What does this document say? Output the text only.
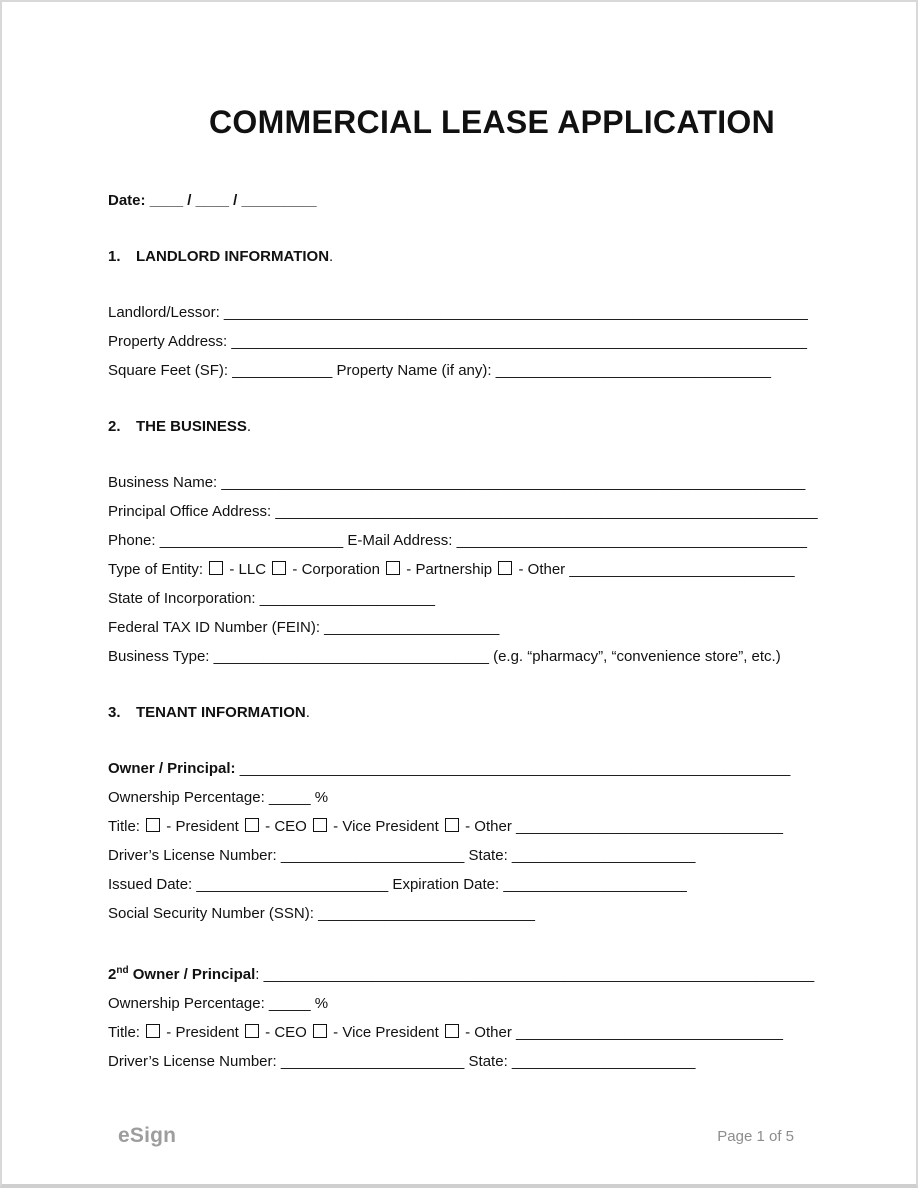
COMMERCIAL LEASE APPLICATION
Date: ____ / ____ / _________
1. LANDLORD INFORMATION.
Landlord/Lessor: ______________________________________________________________________
Property Address: _____________________________________________________________________
Square Feet (SF): ____________ Property Name (if any): _________________________________
2. THE BUSINESS.
Business Name: ______________________________________________________________________
Principal Office Address: _________________________________________________________________
Phone: ______________________ E-Mail Address: __________________________________________
Type of Entity:  - LLC  - Corporation  - Partnership  - Other ___________________________
State of Incorporation: _____________________
Federal TAX ID Number (FEIN): _____________________
Business Type: _________________________________ (e.g. “pharmacy”, “convenience store”, etc.)
3. TENANT INFORMATION.
Owner / Principal: __________________________________________________________________
Ownership Percentage: _____ %
Title:  - President  - CEO  - Vice President  - Other ________________________________
Driver’s License Number: ______________________ State: ______________________
Issued Date: _______________________ Expiration Date: ______________________
Social Security Number (SSN): __________________________
2nd Owner / Principal: __________________________________________________________________
Ownership Percentage: _____ %
Title:  - President  - CEO  - Vice President  - Other ________________________________
Driver’s License Number: ______________________ State: ______________________
eSign	Page 1 of 5
